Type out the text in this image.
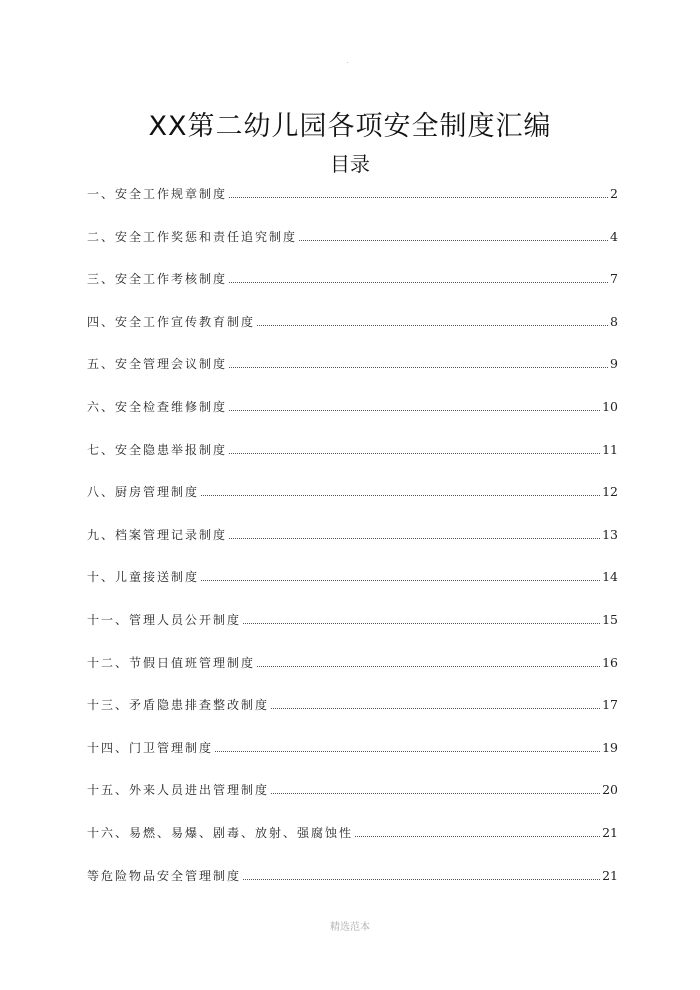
.
XX第二幼儿园各项安全制度汇编
目录
一、安全工作规章制度	2
二、安全工作奖惩和责任追究制度	4
三、安全工作考核制度	7
四、安全工作宣传教育制度	8
五、安全管理会议制度	9
六、安全检查维修制度	10
七、安全隐患举报制度	11
八、厨房管理制度	12
九、档案管理记录制度	13
十、儿童接送制度	14
十一、管理人员公开制度	15
十二、节假日值班管理制度	16
十三、矛盾隐患排查整改制度	17
十四、门卫管理制度	19
十五、外来人员进出管理制度	20
十六、易燃、易爆、剧毒、放射、强腐蚀性	21
等危险物品安全管理制度	21
精选范本
